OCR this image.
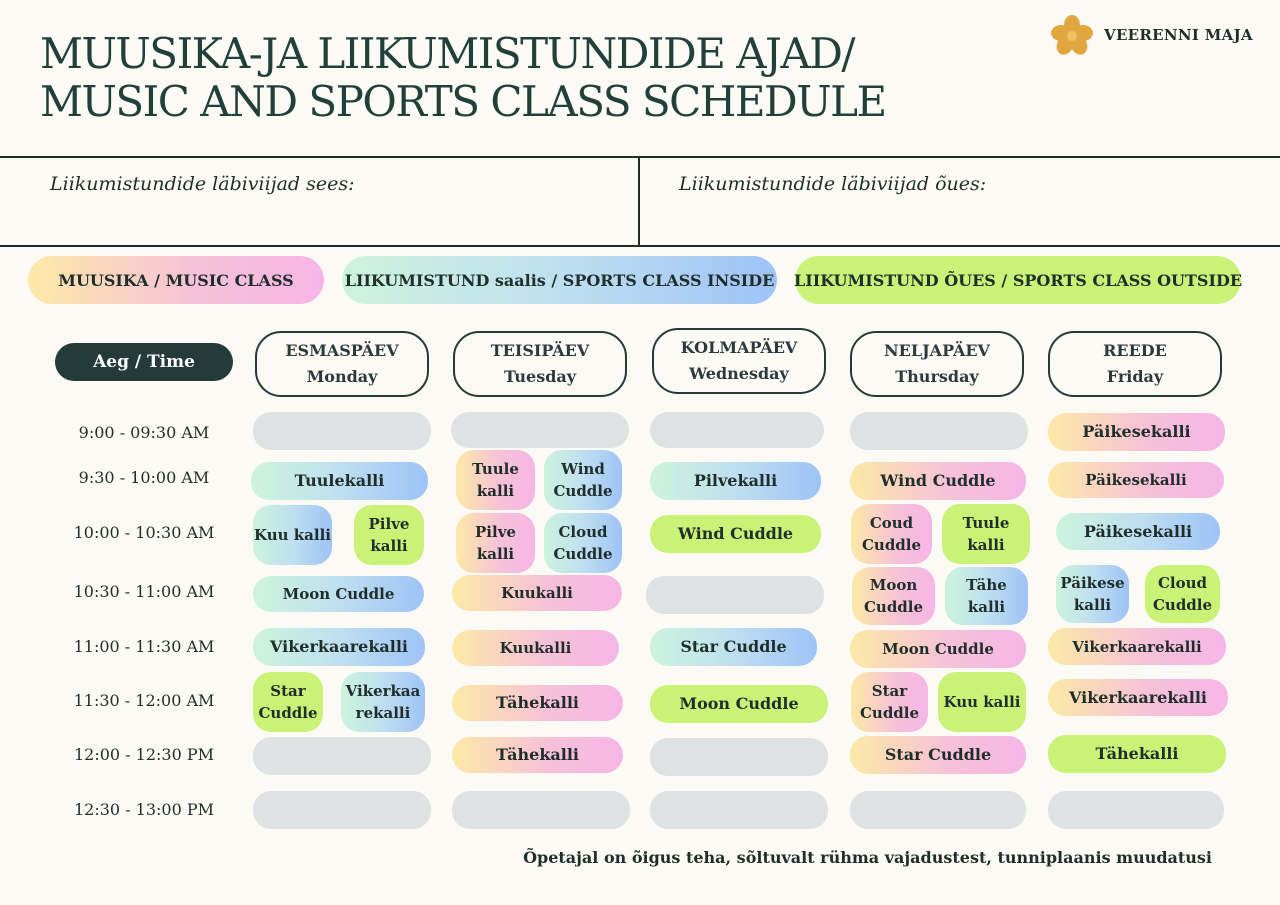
MUUSIKA-JA LIIKUMISTUNDIDE AJAD/
MUSIC AND SPORTS CLASS SCHEDULE
VEERENNI MAJA
Liikumistundide läbiviijad sees:	Liikumistundide läbiviijad õues:
MUUSIKA / MUSIC CLASS	LIIKUMISTUND saalis / SPORTS CLASS INSIDE LIIKUMISTUND ÕUES / SPORTS CLASS OUTSIDE
Aeg / Time
ESMASPÄEV
Monday
TEISIPÄEV
Tuesday
KOLMAPÄEV
Wednesday
NELJAPÄEV
Thursday
REEDE
Friday
9:00 - 09:30 AM
9:30 - 10:00 AM
10:00 - 10:30 AM
10:30 - 11:00 AM
11:00 - 11:30 AM
11:30 - 12:00 AM
12:00 - 12:30 PM
12:30 - 13:00 PM
Tuulekalli
Kuu kalli
Pilve kalli
Moon Cuddle
Vikerkaarekalli
Star Cuddle
Vikerkaa rekalli
Tuule kalli
Wind Cuddle
Pilve kalli
Cloud Cuddle
Kuukalli
Kuukalli
Tähekalli
Tähekalli
Pilvekalli
Wind Cuddle
Star Cuddle
Moon Cuddle
Wind Cuddle
Coud Cuddle
Tuule kalli
Moon Cuddle
Tähe kalli
Moon Cuddle
Star Cuddle
Kuu kalli
Star Cuddle
Päikesekalli
Päikesekalli
Päikesekalli
Päikese kalli
Cloud Cuddle
Vikerkaarekalli
Vikerkaarekalli
Tähekalli
Õpetajal on õigus teha, sõltuvalt rühma vajadustest, tunniplaanis muudatusi
